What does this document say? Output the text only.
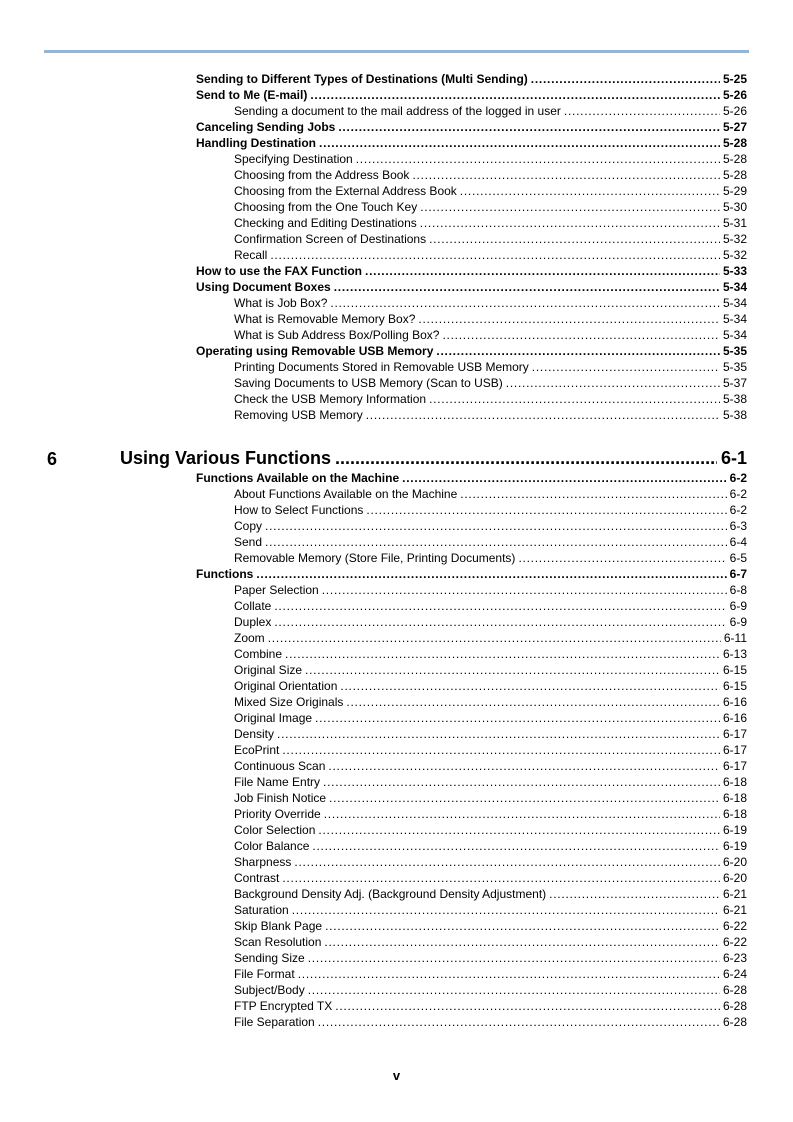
Sending to Different Types of Destinations (Multi Sending) . . .	5-25
Send to Me (E-mail) . . .	5-26
Sending a document to the mail address of the logged in user . . .	5-26
Canceling Sending Jobs . . .	5-27
Handling Destination . . .	5-28
Specifying Destination . . .	5-28
Choosing from the Address Book . . .	5-28
Choosing from the External Address Book . . .	5-29
Choosing from the One Touch Key . . .	5-30
Checking and Editing Destinations . . .	5-31
Confirmation Screen of Destinations . . .	5-32
Recall . . .	5-32
How to use the FAX Function . . .	5-33
Using Document Boxes . . .	5-34
What is Job Box? . . .	5-34
What is Removable Memory Box? . . .	5-34
What is Sub Address Box/Polling Box? . . .	5-34
Operating using Removable USB Memory . . .	5-35
Printing Documents Stored in Removable USB Memory . . .	5-35
Saving Documents to USB Memory (Scan to USB) . . .	5-37
Check the USB Memory Information . . .	5-38
Removing USB Memory . . .	5-38
6	Using Various Functions .....	6-1
Functions Available on the Machine . . .	6-2
About Functions Available on the Machine . . .	6-2
How to Select Functions . . .	6-2
Copy . . .	6-3
Send . . .	6-4
Removable Memory (Store File, Printing Documents) . . .	6-5
Functions . . .	6-7
Paper Selection . . .	6-8
Collate . . .	6-9
Duplex . . .	6-9
Zoom . . .	6-11
Combine . . .	6-13
Original Size . . .	6-15
Original Orientation . . .	6-15
Mixed Size Originals . . .	6-16
Original Image . . .	6-16
Density . . .	6-17
EcoPrint . . .	6-17
Continuous Scan . . .	6-17
File Name Entry . . .	6-18
Job Finish Notice . . .	6-18
Priority Override . . .	6-18
Color Selection . . .	6-19
Color Balance . . .	6-19
Sharpness . . .	6-20
Contrast . . .	6-20
Background Density Adj. (Background Density Adjustment) . . .	6-21
Saturation . . .	6-21
Skip Blank Page . . .	6-22
Scan Resolution . . .	6-22
Sending Size . . .	6-23
File Format . . .	6-24
Subject/Body . . .	6-28
FTP Encrypted TX . . .	6-28
File Separation . . .	6-28
v
